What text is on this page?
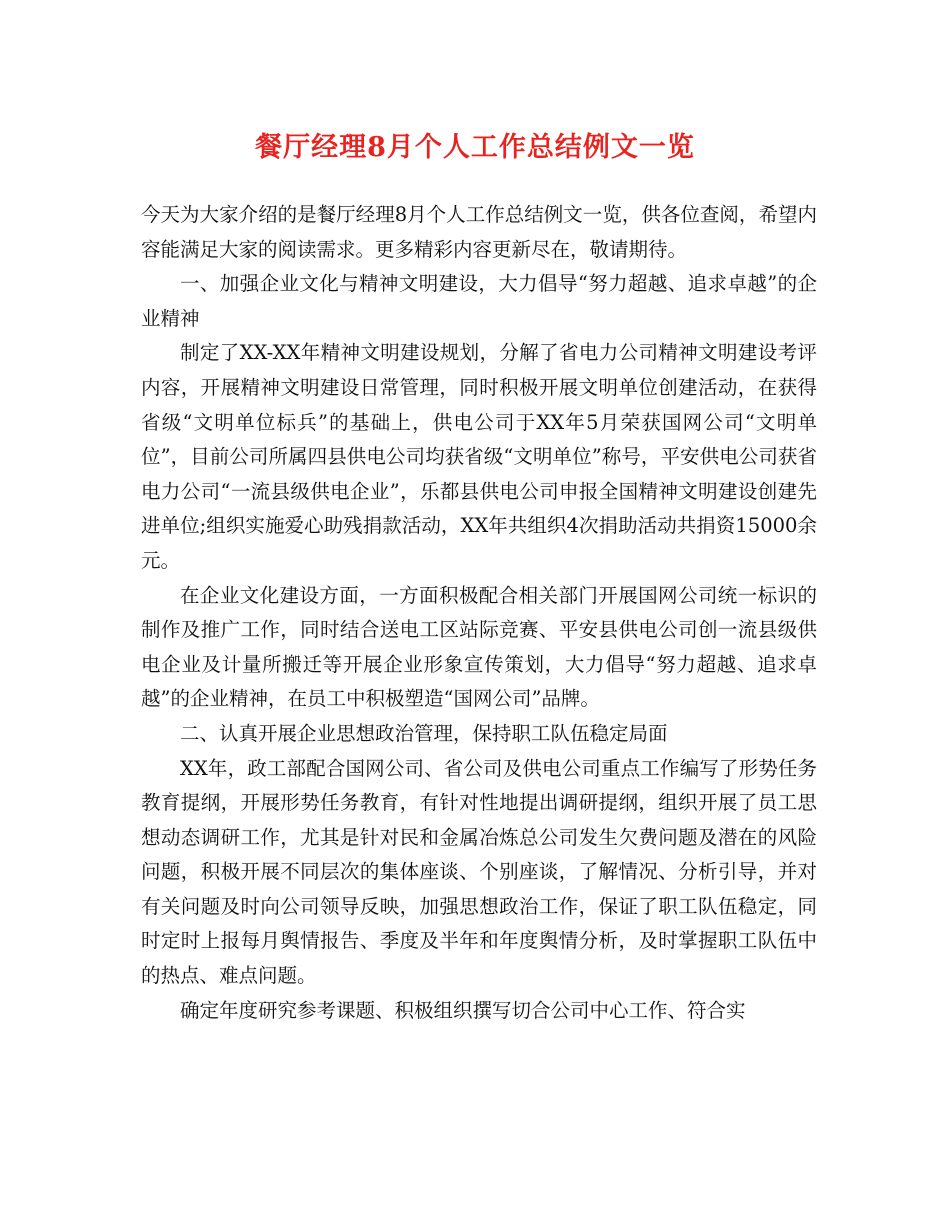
餐厅经理8月个人工作总结例文一览

今天为大家介绍的是餐厅经理8月个人工作总结例文一览，供各位查阅，希望内容能满足大家的阅读需求。更多精彩内容更新尽在，敬请期待。

一、加强企业文化与精神文明建设，大力倡导“努力超越、追求卓越”的企业精神

制定了XX-XX年精神文明建设规划，分解了省电力公司精神文明建设考评内容，开展精神文明建设日常管理，同时积极开展文明单位创建活动，在获得省级“文明单位标兵”的基础上，供电公司于XX年5月荣获国网公司“文明单位”，目前公司所属四县供电公司均获省级“文明单位”称号，平安供电公司获省电力公司“一流县级供电企业”，乐都县供电公司申报全国精神文明建设创建先进单位;组织实施爱心助残捐款活动，XX年共组织4次捐助活动共捐资15000余元。

在企业文化建设方面，一方面积极配合相关部门开展国网公司统一标识的制作及推广工作，同时结合送电工区站际竞赛、平安县供电公司创一流县级供电企业及计量所搬迁等开展企业形象宣传策划，大力倡导“努力超越、追求卓越”的企业精神，在员工中积极塑造“国网公司”品牌。

二、认真开展企业思想政治管理，保持职工队伍稳定局面

XX年，政工部配合国网公司、省公司及供电公司重点工作编写了形势任务教育提纲，开展形势任务教育，有针对性地提出调研提纲，组织开展了员工思想动态调研工作，尤其是针对民和金属冶炼总公司发生欠费问题及潜在的风险问题，积极开展不同层次的集体座谈、个别座谈，了解情况、分析引导，并对有关问题及时向公司领导反映，加强思想政治工作，保证了职工队伍稳定，同时定时上报每月舆情报告、季度及半年和年度舆情分析，及时掌握职工队伍中的热点、难点问题。

确定年度研究参考课题、积极组织撰写切合公司中心工作、符合实
